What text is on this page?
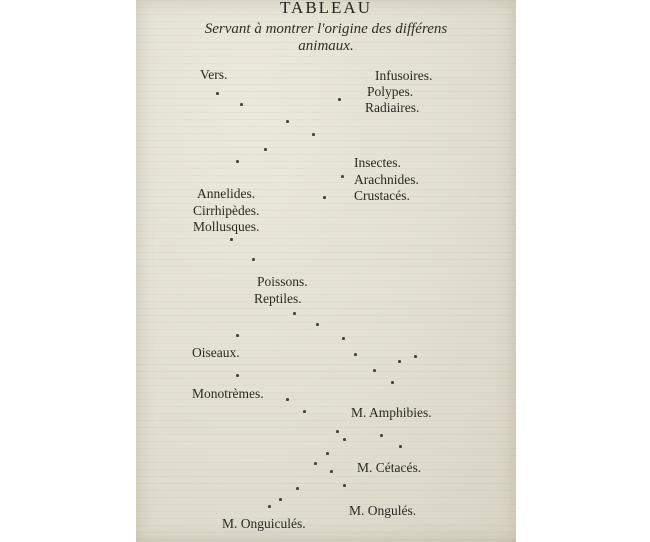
TABLEAU
Servant à montrer l'origine des différens
animaux.
Vers.
Annelides.
Cirrhipèdes.
Mollusques.
Oiseaux.
Monotrèmes.
M. Onguiculés.
Infusoires.
Polypes.
Radiaires.
Insectes.
Arachnides.
Crustacés.
M. Amphibies.
M. Cétacés.
M. Ongulés.
Poissons.
Reptiles.
